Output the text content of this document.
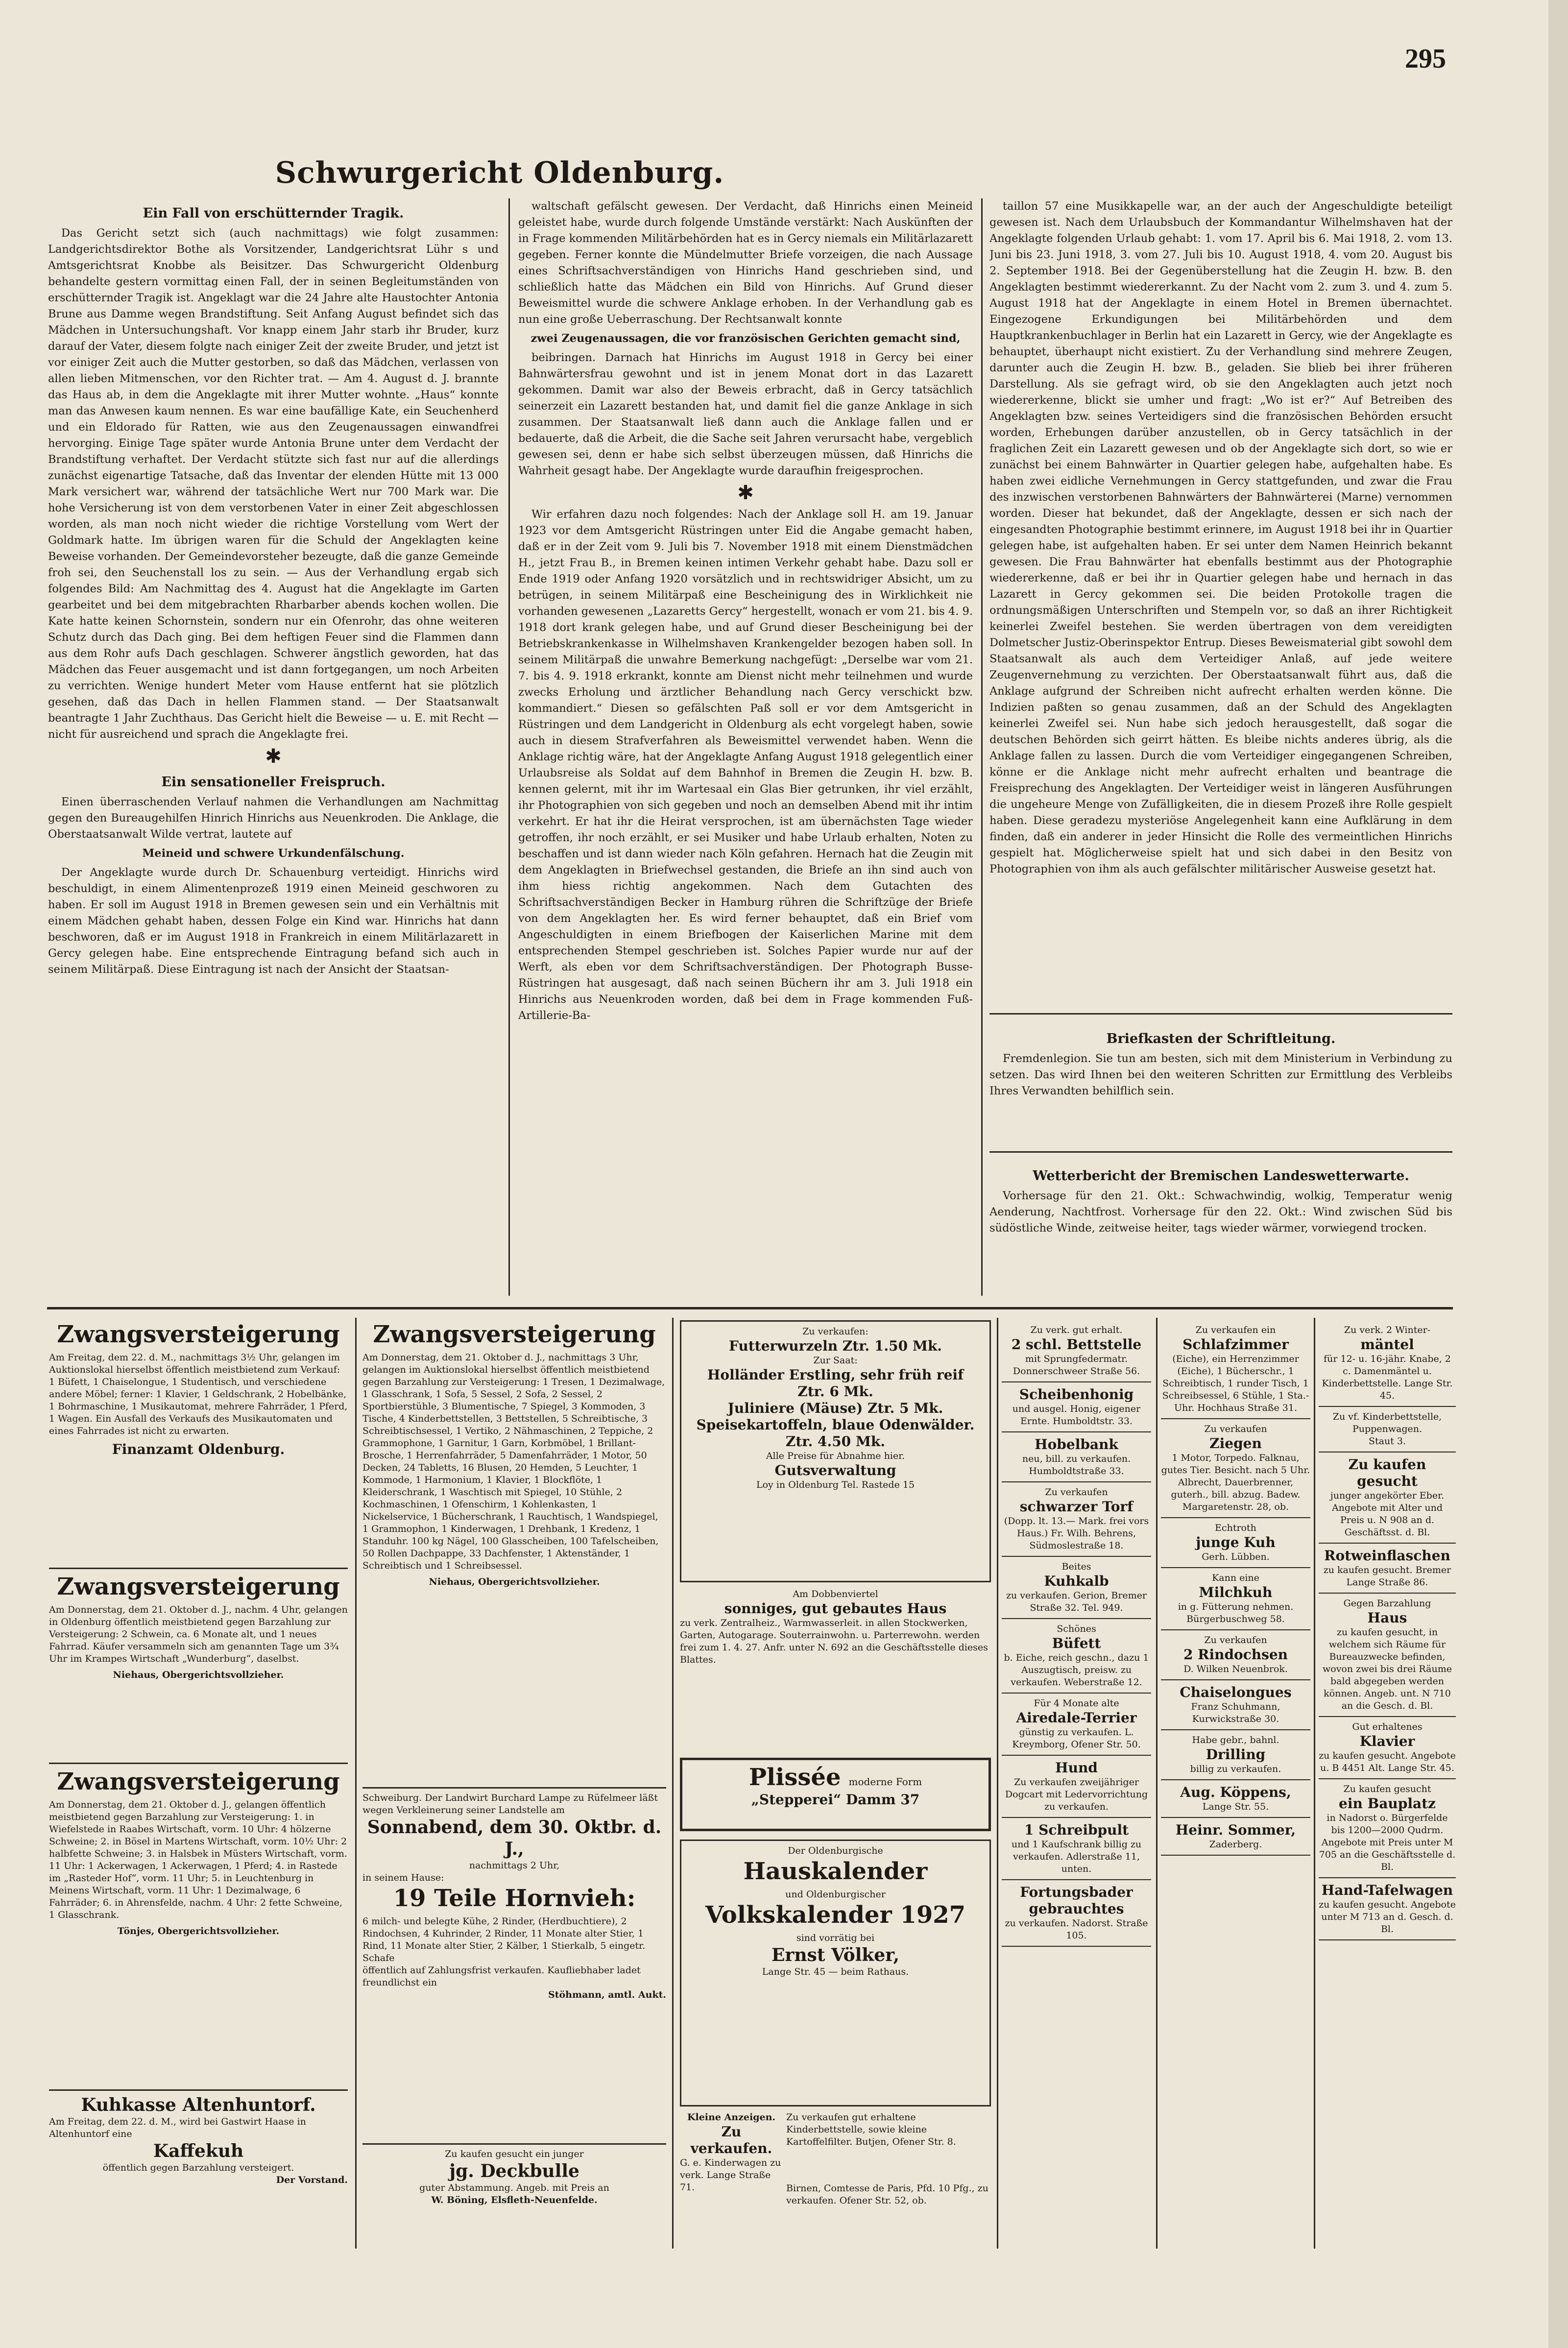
295
Schwurgericht Oldenburg.

Ein Fall von erschütternder Tragik.

Das Gericht setzt sich (auch nachmittags) wie folgt zusammen: Landgerichtsdirektor Bothe als Vorsitzender, Landgerichtsrat Lühr s und Amtsgerichtsrat Knobbe als Beisitzer. Das Schwurgericht Oldenburg behandelte gestern vormittag einen Fall, der in seinen Begleitumständen von erschütternder Tragik ist. Angeklagt war die 24 Jahre alte Haustochter Antonia Brune aus Damme wegen Brandstiftung. Seit Anfang August befindet sich das Mädchen in Untersuchungshaft. Vor knapp einem Jahr starb ihr Bruder, kurz darauf der Vater, diesem folgte nach einiger Zeit der zweite Bruder, und jetzt ist vor einiger Zeit auch die Mutter gestorben, so daß das Mädchen, verlassen von allen lieben Mitmenschen, vor den Richter trat. — Am 4. August d. J. brannte das Haus ab, in dem die Angeklagte mit ihrer Mutter wohnte. „Haus“ konnte man das Anwesen kaum nennen. Es war eine baufällige Kate, ein Seuchenherd und ein Eldorado für Ratten, wie aus den Zeugenaussagen einwandfrei hervorging. Einige Tage später wurde Antonia Brune unter dem Verdacht der Brandstiftung verhaftet. Der Verdacht stützte sich fast nur auf die allerdings zunächst eigenartige Tatsache, daß das Inventar der elenden Hütte mit 13 000 Mark versichert war, während der tatsächliche Wert nur 700 Mark war. Die hohe Versicherung ist von dem verstorbenen Vater in einer Zeit abgeschlossen worden, als man noch nicht wieder die richtige Vorstellung vom Wert der Goldmark hatte. Im übrigen waren für die Schuld der Angeklagten keine Beweise vorhanden. Der Gemeindevorsteher bezeugte, daß die ganze Gemeinde froh sei, den Seuchenstall los zu sein. — Aus der Verhandlung ergab sich folgendes Bild: Am Nachmittag des 4. August hat die Angeklagte im Garten gearbeitet und bei dem mitgebrachten Rharbarber abends kochen wollen. Die Kate hatte keinen Schornstein, sondern nur ein Ofenrohr, das ohne weiteren Schutz durch das Dach ging. Bei dem heftigen Feuer sind die Flammen dann aus dem Rohr aufs Dach geschlagen. Schwerer ängstlich geworden, hat das Mädchen das Feuer ausgemacht und ist dann fortgegangen, um noch Arbeiten zu verrichten. Wenige hundert Meter vom Hause entfernt hat sie plötzlich gesehen, daß das Dach in hellen Flammen stand. — Der Staatsanwalt beantragte 1 Jahr Zuchthaus. Das Gericht hielt die Beweise — u. E. mit Recht — nicht für ausreichend und sprach die Angeklagte frei.

✱

Ein sensationeller Freispruch.

Einen überraschenden Verlauf nahmen die Verhandlungen am Nachmittag gegen den Bureaugehilfen Hinrich Hinrichs aus Neuenkroden. Die Anklage, die Oberstaatsanwalt Wilde vertrat, lautete auf

Meineid und schwere Urkundenfälschung.

Der Angeklagte wurde durch Dr. Schauenburg verteidigt. Hinrichs wird beschuldigt, in einem Alimentenprozeß 1919 einen Meineid geschworen zu haben. Er soll im August 1918 in Bremen gewesen sein und ein Verhältnis mit einem Mädchen gehabt haben, dessen Folge ein Kind war. Hinrichs hat dann beschworen, daß er im August 1918 in Frankreich in einem Militärlazarett in Gercy gelegen habe. Eine entsprechende Eintragung befand sich auch in seinem Militärpaß. Diese Eintragung ist nach der Ansicht der Staatsan-

waltschaft gefälscht gewesen. Der Verdacht, daß Hinrichs einen Meineid geleistet habe, wurde durch folgende Umstände verstärkt: Nach Auskünften der in Frage kommenden Militärbehörden hat es in Gercy niemals ein Militärlazarett gegeben. Ferner konnte die Mündelmutter Briefe vorzeigen, die nach Aussage eines Schriftsachverständigen von Hinrichs Hand geschrieben sind, und schließlich hatte das Mädchen ein Bild von Hinrichs. Auf Grund dieser Beweismittel wurde die schwere Anklage erhoben. In der Verhandlung gab es nun eine große Ueberraschung. Der Rechtsanwalt konnte

zwei Zeugenaussagen, die vor französischen Gerichten gemacht sind,

beibringen. Darnach hat Hinrichs im August 1918 in Gercy bei einer Bahnwärtersfrau gewohnt und ist in jenem Monat dort in das Lazarett gekommen. Damit war also der Beweis erbracht, daß in Gercy tatsächlich seinerzeit ein Lazarett bestanden hat, und damit fiel die ganze Anklage in sich zusammen. Der Staatsanwalt ließ dann auch die Anklage fallen und er bedauerte, daß die Arbeit, die die Sache seit Jahren verursacht habe, vergeblich gewesen sei, denn er habe sich selbst überzeugen müssen, daß Hinrichs die Wahrheit gesagt habe. Der Angeklagte wurde daraufhin freigesprochen.

✱

Wir erfahren dazu noch folgendes: Nach der Anklage soll H. am 19. Januar 1923 vor dem Amtsgericht Rüstringen unter Eid die Angabe gemacht haben, daß er in der Zeit vom 9. Juli bis 7. November 1918 mit einem Dienstmädchen H., jetzt Frau B., in Bremen keinen intimen Verkehr gehabt habe. Dazu soll er Ende 1919 oder Anfang 1920 vorsätzlich und in rechtswidriger Absicht, um zu betrügen, in seinem Militärpaß eine Bescheinigung des in Wirklichkeit nie vorhanden gewesenen „Lazaretts Gercy“ hergestellt, wonach er vom 21. bis 4. 9. 1918 dort krank gelegen habe, und auf Grund dieser Bescheinigung bei der Betriebskrankenkasse in Wilhelmshaven Krankengelder bezogen haben soll. In seinem Militärpaß die unwahre Bemerkung nachgefügt: „Derselbe war vom 21. 7. bis 4. 9. 1918 erkrankt, konnte am Dienst nicht mehr teilnehmen und wurde zwecks Erholung und ärztlicher Behandlung nach Gercy verschickt bzw. kommandiert.“ Diesen so gefälschten Paß soll er vor dem Amtsgericht in Rüstringen und dem Landgericht in Oldenburg als echt vorgelegt haben, sowie auch in diesem Strafverfahren als Beweismittel verwendet haben. Wenn die Anklage richtig wäre, hat der Angeklagte Anfang August 1918 gelegentlich einer Urlaubsreise als Soldat auf dem Bahnhof in Bremen die Zeugin H. bzw. B. kennen gelernt, mit ihr im Wartesaal ein Glas Bier getrunken, ihr viel erzählt, ihr Photographien von sich gegeben und noch an demselben Abend mit ihr intim verkehrt. Er hat ihr die Heirat versprochen, ist am übernächsten Tage wieder getroffen, ihr noch erzählt, er sei Musiker und habe Urlaub erhalten, Noten zu beschaffen und ist dann wieder nach Köln gefahren. Hernach hat die Zeugin mit dem Angeklagten in Briefwechsel gestanden, die Briefe an ihn sind auch von ihm hiess richtig angekommen. Nach dem Gutachten des Schriftsachverständigen Becker in Hamburg rühren die Schriftzüge der Briefe von dem Angeklagten her. Es wird ferner behauptet, daß ein Brief vom Angeschuldigten in einem Briefbogen der Kaiserlichen Marine mit dem entsprechenden Stempel geschrieben ist. Solches Papier wurde nur auf der Werft, als eben vor dem Schriftsachverständigen. Der Photograph Busse-Rüstringen hat ausgesagt, daß nach seinen Büchern ihr am 3. Juli 1918 ein Hinrichs aus Neuenkroden worden, daß bei dem in Frage kommenden Fuß-Artillerie-Ba-

taillon 57 eine Musikkapelle war, an der auch der Angeschuldigte beteiligt gewesen ist. Nach dem Urlaubsbuch der Kommandantur Wilhelmshaven hat der Angeklagte folgenden Urlaub gehabt: 1. vom 17. April bis 6. Mai 1918, 2. vom 13. Juni bis 23. Juni 1918, 3. vom 27. Juli bis 10. August 1918, 4. vom 20. August bis 2. September 1918. Bei der Gegenüberstellung hat die Zeugin H. bzw. B. den Angeklagten bestimmt wiedererkannt. Zu der Nacht vom 2. zum 3. und 4. zum 5. August 1918 hat der Angeklagte in einem Hotel in Bremen übernachtet. Eingezogene Erkundigungen bei Militärbehörden und dem Hauptkrankenbuchlager in Berlin hat ein Lazarett in Gercy, wie der Angeklagte es behauptet, überhaupt nicht existiert. Zu der Verhandlung sind mehrere Zeugen, darunter auch die Zeugin H. bzw. B., geladen. Sie blieb bei ihrer früheren Darstellung. Als sie gefragt wird, ob sie den Angeklagten auch jetzt noch wiedererkenne, blickt sie umher und fragt: „Wo ist er?“ Auf Betreiben des Angeklagten bzw. seines Verteidigers sind die französischen Behörden ersucht worden, Erhebungen darüber anzustellen, ob in Gercy tatsächlich in der fraglichen Zeit ein Lazarett gewesen und ob der Angeklagte sich dort, so wie er zunächst bei einem Bahnwärter in Quartier gelegen habe, aufgehalten habe. Es haben zwei eidliche Vernehmungen in Gercy stattgefunden, und zwar die Frau des inzwischen verstorbenen Bahnwärters der Bahnwärterei (Marne) vernommen worden. Dieser hat bekundet, daß der Angeklagte, dessen er sich nach der eingesandten Photographie bestimmt erinnere, im August 1918 bei ihr in Quartier gelegen habe, ist aufgehalten haben. Er sei unter dem Namen Heinrich bekannt gewesen. Die Frau Bahnwärter hat ebenfalls bestimmt aus der Photographie wiedererkenne, daß er bei ihr in Quartier gelegen habe und hernach in das Lazarett in Gercy gekommen sei. Die beiden Protokolle tragen die ordnungsmäßigen Unterschriften und Stempeln vor, so daß an ihrer Richtigkeit keinerlei Zweifel bestehen. Sie werden übertragen von dem vereidigten Dolmetscher Justiz-Oberinspektor Entrup. Dieses Beweismaterial gibt sowohl dem Staatsanwalt als auch dem Verteidiger Anlaß, auf jede weitere Zeugenvernehmung zu verzichten. Der Oberstaatsanwalt führt aus, daß die Anklage aufgrund der Schreiben nicht aufrecht erhalten werden könne. Die Indizien paßten so genau zusammen, daß an der Schuld des Angeklagten keinerlei Zweifel sei. Nun habe sich jedoch herausgestellt, daß sogar die deutschen Behörden sich geirrt hätten. Es bleibe nichts anderes übrig, als die Anklage fallen zu lassen. Durch die vom Verteidiger eingegangenen Schreiben, könne er die Anklage nicht mehr aufrecht erhalten und beantrage die Freisprechung des Angeklagten. Der Verteidiger weist in längeren Ausführungen die ungeheure Menge von Zufälligkeiten, die in diesem Prozeß ihre Rolle gespielt haben. Diese geradezu mysteriöse Angelegenheit kann eine Aufklärung in dem finden, daß ein anderer in jeder Hinsicht die Rolle des vermeintlichen Hinrichs gespielt hat. Möglicherweise spielt hat und sich dabei in den Besitz von Photographien von ihm als auch gefälschter militärischer Ausweise gesetzt hat.

Briefkasten der Schriftleitung.

Fremdenlegion. Sie tun am besten, sich mit dem Ministerium in Verbindung zu setzen. Das wird Ihnen bei den weiteren Schritten zur Ermittlung des Verbleibs Ihres Verwandten behilflich sein.

Wetterbericht der Bremischen Landeswetterwarte.

Vorhersage für den 21. Okt.: Schwachwindig, wolkig, Temperatur wenig Aenderung, Nachtfrost. Vorhersage für den 22. Okt.: Wind zwischen Süd bis südöstliche Winde, zeitweise heiter, tags wieder wärmer, vorwiegend trocken.

Zwangsversteigerung
Am Freitag, dem 22. d. M., nachmittags 3½ Uhr, gelangen im Auktionslokal hierselbst öffentlich meistbietend zum Verkauf: 1 Büfett, 1 Chaiselongue, 1 Studentisch, und verschiedene andere Möbel; ferner: 1 Klavier, 1 Geldschrank, 2 Hobelbänke, 1 Bohrmaschine, 1 Musikautomat, mehrere Fahrräder, 1 Pferd, 1 Wagen. Ein Ausfall des Verkaufs des Musikautomaten und eines Fahrrades ist nicht zu erwarten.
Finanzamt Oldenburg.
Zwangsversteigerung
Am Donnerstag, dem 21. Oktober d. J., nachm. 4 Uhr, gelangen in Oldenburg öffentlich meistbietend gegen Barzahlung zur Versteigerung: 2 Schwein, ca. 6 Monate alt, und 1 neues Fahrrad. Käufer versammeln sich am genannten Tage um 3¾ Uhr im Krampes Wirtschaft „Wunderburg“, daselbst.
Niehaus, Obergerichtsvollzieher.
Zwangsversteigerung
Am Donnerstag, dem 21. Oktober d. J., gelangen öffentlich meistbietend gegen Barzahlung zur Versteigerung: 1. in Wiefelstede in Raabes Wirtschaft, vorm. 10 Uhr: 4 hölzerne Schweine; 2. in Bösel in Martens Wirtschaft, vorm. 10½ Uhr: 2 halbfette Schweine; 3. in Halsbek in Müsters Wirtschaft, vorm. 11 Uhr: 1 Ackerwagen, 1 Ackerwagen, 1 Pferd; 4. in Rastede im „Rasteder Hof“, vorm. 11 Uhr; 5. in Leuchtenburg in Meinens Wirtschaft, vorm. 11 Uhr: 1 Dezimalwage, 6 Fahrräder; 6. in Ahrensfelde, nachm. 4 Uhr: 2 fette Schweine, 1 Glasschrank.
Tönjes, Obergerichtsvollzieher.
Kuhkasse Altenhuntorf.
Am Freitag, dem 22. d. M., wird bei Gastwirt Haase in Altenhuntorf eine
Kaffekuh
öffentlich gegen Barzahlung versteigert.
Der Vorstand.
Zwangsversteigerung
Am Donnerstag, dem 21. Oktober d. J., nachmittags 3 Uhr, gelangen im Auktionslokal hierselbst öffentlich meistbietend gegen Barzahlung zur Versteigerung: 1 Tresen, 1 Dezimalwage, 1 Glasschrank, 1 Sofa, 5 Sessel, 2 Sofa, 2 Sessel, 2 Sportbierstühle, 3 Blumentische, 7 Spiegel, 3 Kommoden, 3 Tische, 4 Kinderbettstellen, 3 Bettstellen, 5 Schreibtische, 3 Schreibtischsessel, 1 Vertiko, 2 Nähmaschinen, 2 Teppiche, 2 Grammophone, 1 Garnitur, 1 Garn, Korbmöbel, 1 Brillant-Brosche, 1 Herrenfahrräder, 5 Damenfahrräder, 1 Motor, 50 Decken, 24 Tabletts, 16 Blusen, 20 Hemden, 5 Leuchter, 1 Kommode, 1 Harmonium, 1 Klavier, 1 Blockflöte, 1 Kleiderschrank, 1 Waschtisch mit Spiegel, 10 Stühle, 2 Kochmaschinen, 1 Ofenschirm, 1 Kohlenkasten, 1 Nickelservice, 1 Bücherschrank, 1 Rauchtisch, 1 Wandspiegel, 1 Grammophon, 1 Kinderwagen, 1 Drehbank, 1 Kredenz, 1 Standuhr. 100 kg Nägel, 100 Glasscheiben, 100 Tafelscheiben, 50 Rollen Dachpappe, 33 Dachfenster, 1 Aktenständer, 1 Schreibtisch und 1 Schreibsessel.
Niehaus, Obergerichtsvollzieher.
Schweiburg. Der Landwirt Burchard Lampe zu Rüfelmeer läßt wegen Verkleinerung seiner Landstelle am
Sonnabend, dem 30. Oktbr. d. J.,
nachmittags 2 Uhr,
in seinem Hause:
19 Teile Hornvieh:
6 milch- und belegte Kühe, 2 Rinder, (Herdbuchtiere), 2 Rindochsen, 4 Kuhrinder, 2 Rinder, 11 Monate alter Stier, 1 Rind, 11 Monate alter Stier, 2 Kälber, 1 Stierkalb, 5 eingetr. Schafe
öffentlich auf Zahlungsfrist verkaufen. Kaufliebhaber ladet freundlichst ein
Stöhmann, amtl. Aukt.
Zu kaufen gesucht ein junger
jg. Deckbulle
guter Abstammung. Angeb. mit Preis an
W. Böning, Elsfleth-Neuenfelde.
Zu verkaufen:
Futterwurzeln Ztr. 1.50 Mk.
Zur Saat:
Holländer Erstling, sehr früh reif
Ztr. 6 Mk.
Juliniere (Mäuse) Ztr. 5 Mk.
Speisekartoffeln, blaue Odenwälder.
Ztr. 4.50 Mk.
Alle Preise für Abnahme hier.
Gutsverwaltung
Loy in Oldenburg Tel. Rastede 15
Am Dobbenviertel
sonniges, gut gebautes Haus
zu verk. Zentralheiz., Warmwasserleit. in allen Stockwerken, Garten, Autogarage. Souterrainwohn. u. Parterrewohn. werden frei zum 1. 4. 27. Anfr. unter N. 692 an die Geschäftsstelle dieses Blattes.
Plissée moderne Form
„Stepperei“ Damm 37
Der Oldenburgische
Hauskalender
und Oldenburgischer
Volkskalender 1927
sind vorrätig bei
Ernst Völker,
Lange Str. 45 — beim Rathaus.
Kleine Anzeigen.
Zu verkaufen.
G. e. Kinderwagen zu verk. Lange Straße 71.
Zu verkaufen gut erhaltene Kinderbettstelle, sowie kleine Kartoffelfilter. Butjen, Ofener Str. 8.
Birnen, Comtesse de Paris, Pfd. 10 Pfg., zu verkaufen. Ofener Str. 52, ob.
Zu verk. gut erhalt.
2 schl. Bettstelle
mit Sprungfedermatr. Donnerschweer Straße 56.
Scheibenhonig
und ausgel. Honig, eigener Ernte. Humboldtstr. 33.
Hobelbank
neu, bill. zu verkaufen. Humboldtstraße 33.
Zu verkaufen
schwarzer Torf
(Dopp. lt. 13.— Mark. frei vors Haus.) Fr. Wilh. Behrens, Südmoslestraße 18.
Beites
Kuhkalb
zu verkaufen. Gerion, Bremer Straße 32. Tel. 949.
Schönes
Büfett
b. Eiche, reich geschn., dazu 1 Auszugtisch, preisw. zu verkaufen. Weberstraße 12.
Für 4 Monate alte
Airedale-Terrier
günstig zu verkaufen. L. Kreymborg, Ofener Str. 50.
Hund
Zu verkaufen zweijähriger Dogcart mit Ledervorrichtung zu verkaufen.
1 Schreibpult
und 1 Kaufschrank billig zu verkaufen. Adlerstraße 11, unten.
Fortungsbader gebrauchtes
zu verkaufen. Nadorst. Straße 105.
Zu verkaufen ein
Schlafzimmer
(Eiche), ein Herrenzimmer (Eiche), 1 Bücherschr., 1 Schreibtisch, 1 runder Tisch, 1 Schreibsessel, 6 Stühle, 1 Sta.-Uhr. Hochhaus Straße 31.
Zu verkaufen
Ziegen
1 Motor, Torpedo. Falknau, gutes Tier. Besicht. nach 5 Uhr. Albrecht, Dauerbrenner, guterh., bill. abzug. Badew. Margaretenstr. 28, ob.
Echtroth
junge Kuh
Gerh. Lübben.
Kann eine
Milchkuh
in g. Fütterung nehmen. Bürgerbuschweg 58.
Zu verkaufen
2 Rindochsen
D. Wilken Neuenbrok.
Chaiselongues
Franz Schuhmann, Kurwickstraße 30.
Habe gebr., bahnl.
Drilling
billig zu verkaufen.
Aug. Köppens,
Lange Str. 55.
Heinr. Sommer,
Zaderberg.
Zu verk. 2 Winter-
mäntel
für 12- u. 16-jähr. Knabe, 2 c. Damenmäntel u. Kinderbettstelle. Lange Str. 45.
Zu vf. Kinderbettstelle, Puppenwagen.
Staut 3.
Zu kaufen gesucht
junger angekörter Eber. Angebote mit Alter und Preis u. N 908 an d. Geschäftsst. d. Bl.
Rotweinflaschen
zu kaufen gesucht. Bremer Lange Straße 86.
Gegen Barzahlung
Haus
zu kaufen gesucht, in welchem sich Räume für Bureauzwecke befinden, wovon zwei bis drei Räume bald abgegeben werden können. Angeb. unt. N 710 an die Gesch. d. Bl.
Gut erhaltenes
Klavier
zu kaufen gesucht. Angebote u. B 4451 Alt. Lange Str. 45.
Zu kaufen gesucht
ein Bauplatz
in Nadorst o. Bürgerfelde bis 1200—2000 Qudrm. Angebote mit Preis unter M 705 an die Geschäftsstelle d. Bl.
Hand-Tafelwagen
zu kaufen gesucht. Angebote unter M 713 an d. Gesch. d. Bl.
